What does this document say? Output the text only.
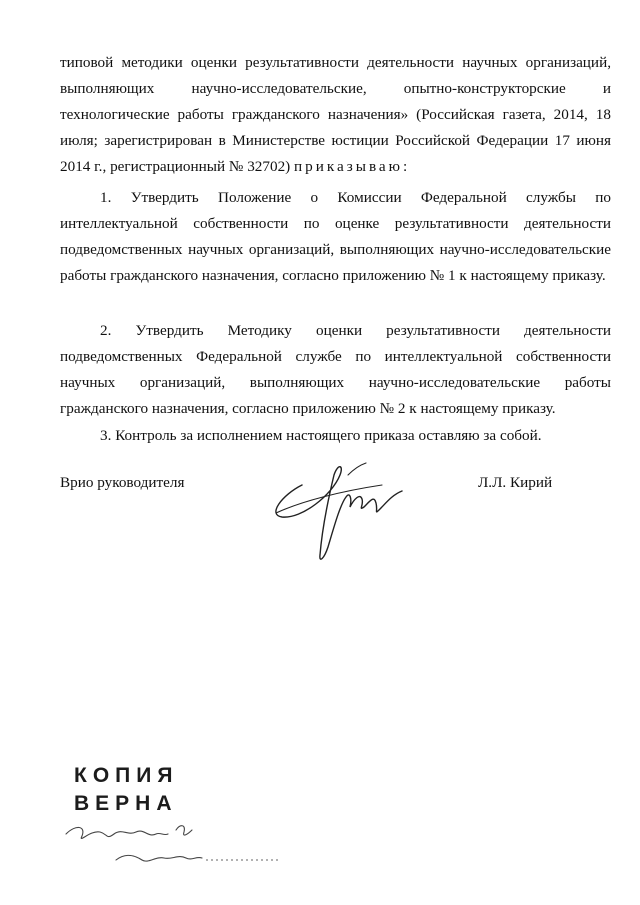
типовой методики оценки результативности деятельности научных организаций, выполняющих научно-исследовательские, опытно-конструкторские и технологические работы гражданского назначения» (Российская газета, 2014, 18 июля; зарегистрирован в Министерстве юстиции Российской Федерации 17 июня 2014 г., регистрационный № 32702) приказываю:
1. Утвердить Положение о Комиссии Федеральной службы по интеллектуальной собственности по оценке результативности деятельности подведомственных научных организаций, выполняющих научно-исследовательские работы гражданского назначения, согласно приложению № 1 к настоящему приказу.
2. Утвердить Методику оценки результативности деятельности подведомственных Федеральной службе по интеллектуальной собственности научных организаций, выполняющих научно-исследовательские работы гражданского назначения, согласно приложению № 2 к настоящему приказу.
3. Контроль за исполнением настоящего приказа оставляю за собой.
Врио руководителя	Л.Л. Кирий
КОПИЯ
ВЕРНА
